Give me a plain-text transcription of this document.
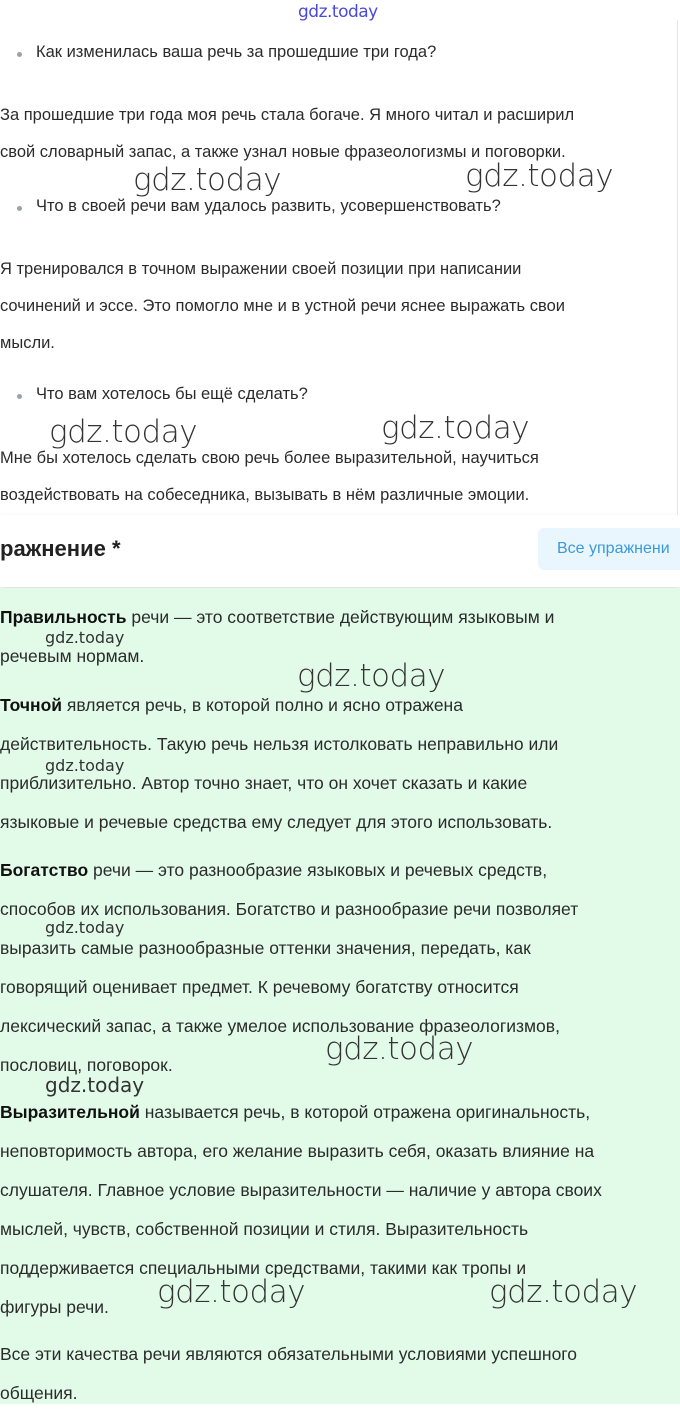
Как изменилась ваша речь за прошедшие три года?
За прошедшие три года моя речь стала богаче. Я много читал и расширил
свой словарный запас, а также узнал новые фразеологизмы и поговорки.
Что в своей речи вам удалось развить, усовершенствовать?
Я тренировался в точном выражении своей позиции при написании
сочинений и эссе. Это помогло мне и в устной речи яснее выражать свои
мысли.
Что вам хотелось бы ещё сделать?
Мне бы хотелось сделать свою речь более выразительной, научиться
воздействовать на собеседника, вызывать в нём различные эмоции.
ражнение *	Все упражнени
Правильность речи — это соответствие действующим языковым и
речевым нормам.
Точной является речь, в которой полно и ясно отражена
действительность. Такую речь нельзя истолковать неправильно или
приблизительно. Автор точно знает, что он хочет сказать и какие
языковые и речевые средства ему следует для этого использовать.
Богатство речи — это разнообразие языковых и речевых средств,
способов их использования. Богатство и разнообразие речи позволяет
выразить самые разнообразные оттенки значения, передать, как
говорящий оценивает предмет. К речевому богатству относится
лексический запас, а также умелое использование фразеологизмов,
пословиц, поговорок.
Выразительной называется речь, в которой отражена оригинальность,
неповторимость автора, его желание выразить себя, оказать влияние на
слушателя. Главное условие выразительности — наличие у автора своих
мыслей, чувств, собственной позиции и стиля. Выразительность
поддерживается специальными средствами, такими как тропы и
фигуры речи.
Все эти качества речи являются обязательными условиями успешного
общения.
gdz.today
gdz.today	gdz.today
gdz.today	gdz.today
gdz.today
gdz.today
gdz.today
gdz.today
gdz.today
gdz.today
gdz.today	gdz.today
